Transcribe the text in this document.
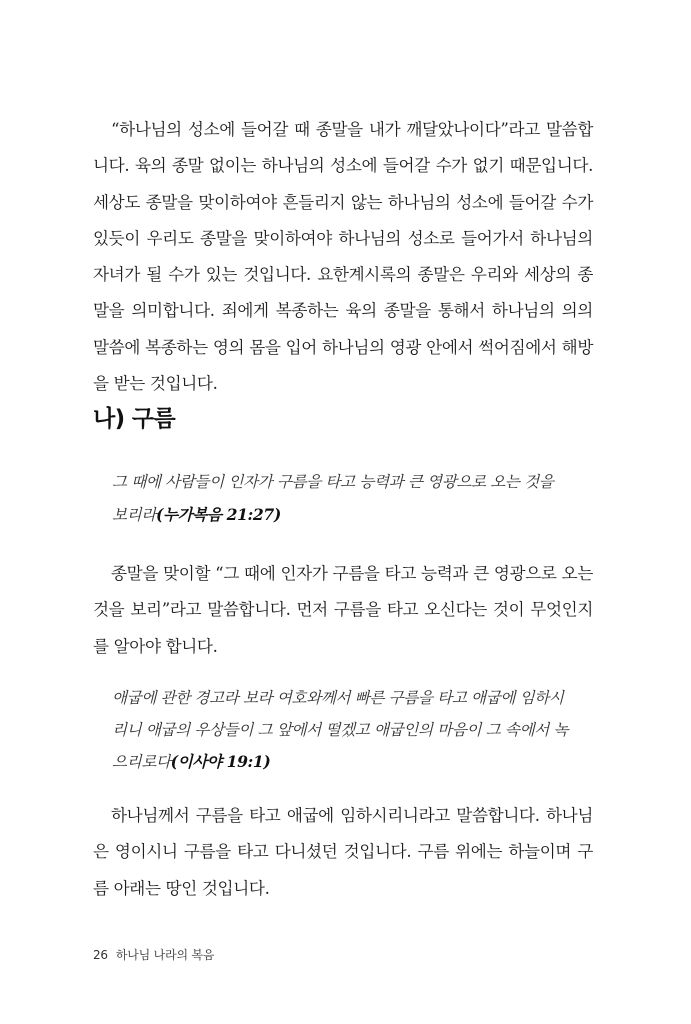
“하나님의 성소에 들어갈 때 종말을 내가 깨달았나이다”라고 말씀합니다. 육의 종말 없이는 하나님의 성소에 들어갈 수가 없기 때문입니다. 세상도 종말을 맞이하여야 흔들리지 않는 하나님의 성소에 들어갈 수가 있듯이 우리도 종말을 맞이하여야 하나님의 성소로 들어가서 하나님의 자녀가 될 수가 있는 것입니다. 요한계시록의 종말은 우리와 세상의 종말을 의미합니다. 죄에게 복종하는 육의 종말을 통해서 하나님의 의의 말씀에 복종하는 영의 몸을 입어 하나님의 영광 안에서 썩어짐에서 해방을 받는 것입니다.

나) 구름

그 때에 사람들이 인자가 구름을 타고 능력과 큰 영광으로 오는 것을 보리라(누가복음 21:27)

종말을 맞이할 “그 때에 인자가 구름을 타고 능력과 큰 영광으로 오는 것을 보리”라고 말씀합니다. 먼저 구름을 타고 오신다는 것이 무엇인지를 알아야 합니다.

애굽에 관한 경고라 보라 여호와께서 빠른 구름을 타고 애굽에 임하시리니 애굽의 우상들이 그 앞에서 떨겠고 애굽인의 마음이 그 속에서 녹으리로다(이사야 19:1)

하나님께서 구름을 타고 애굽에 임하시리니라고 말씀합니다. 하나님은 영이시니 구름을 타고 다니셨던 것입니다. 구름 위에는 하늘이며 구름 아래는 땅인 것입니다.

26 하나님 나라의 복음
